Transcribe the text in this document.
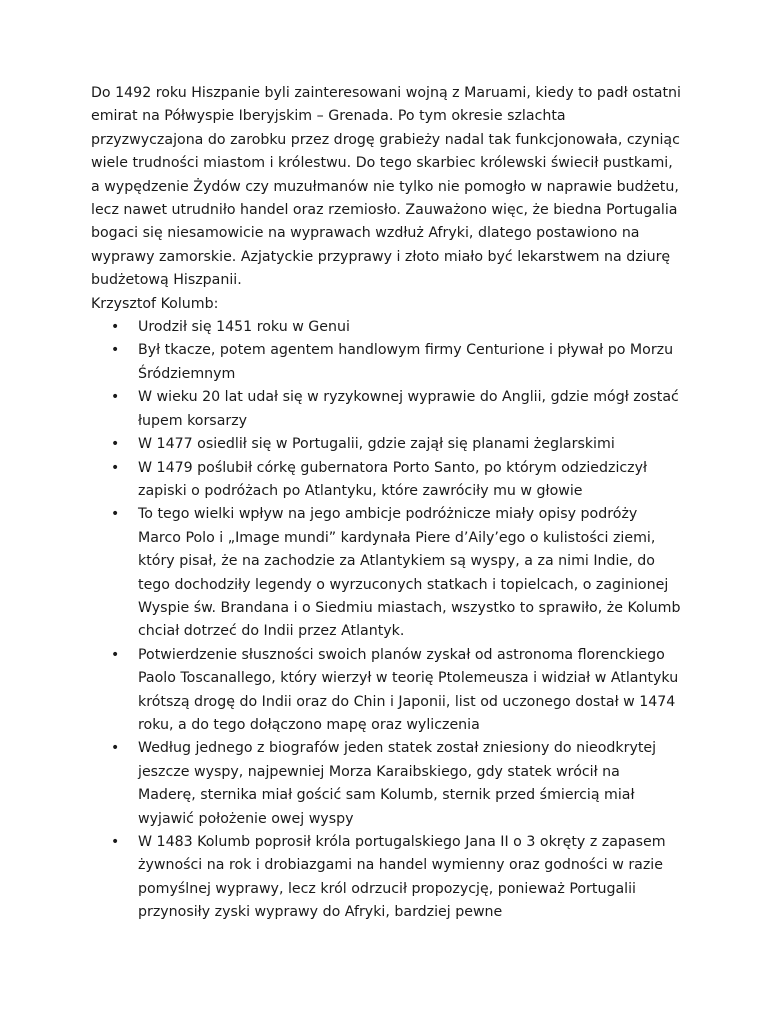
Do 1492 roku Hiszpanie byli zainteresowani wojną z Maruami, kiedy to padł ostatni emirat na Półwyspie Iberyjskim – Grenada. Po tym okresie szlachta przyzwyczajona do zarobku przez drogę grabieży nadal tak funkcjonowała, czyniąc wiele trudności miastom i królestwu. Do tego skarbiec królewski świecił pustkami, a wypędzenie Żydów czy muzułmanów nie tylko nie pomogło w naprawie budżetu, lecz nawet utrudniło handel oraz rzemiosło. Zauważono więc, że biedna Portugalia bogaci się niesamowicie na wyprawach wzdłuż Afryki, dlatego postawiono na wyprawy zamorskie. Azjatyckie przyprawy i złoto miało być lekarstwem na dziurę budżetową Hiszpanii.

Krzysztof Kolumb:

• Urodził się 1451 roku w Genui
• Był tkacze, potem agentem handlowym firmy Centurione i pływał po Morzu Śródziemnym
• W wieku 20 lat udał się w ryzykownej wyprawie do Anglii, gdzie mógł zostać łupem korsarzy
• W 1477 osiedlił się w Portugalii, gdzie zajął się planami żeglarskimi
• W 1479 poślubił córkę gubernatora Porto Santo, po którym odziedziczył zapiski o podróżach po Atlantyku, które zawróciły mu w głowie
• To tego wielki wpływ na jego ambicje podróżnicze miały opisy podróży Marco Polo i „Image mundi” kardynała Piere d’Aily’ego o kulistości ziemi, który pisał, że na zachodzie za Atlantykiem są wyspy, a za nimi Indie, do tego dochodziły legendy o wyrzuconych statkach i topielcach, o zaginionej Wyspie św. Brandana i o Siedmiu miastach, wszystko to sprawiło, że Kolumb chciał dotrzeć do Indii przez Atlantyk.
• Potwierdzenie słuszności swoich planów zyskał od astronoma florenckiego Paolo Toscanallego, który wierzył w teorię Ptolemeusza i widział w Atlantyku krótszą drogę do Indii oraz do Chin i Japonii, list od uczonego dostał w 1474 roku, a do tego dołączono mapę oraz wyliczenia
• Według jednego z biografów jeden statek został zniesiony do nieodkrytej jeszcze wyspy, najpewniej Morza Karaibskiego, gdy statek wrócił na Maderę, sternika miał gościć sam Kolumb, sternik przed śmiercią miał wyjawić położenie owej wyspy
• W 1483 Kolumb poprosił króla portugalskiego Jana II o 3 okręty z zapasem żywności na rok i drobiazgami na handel wymienny oraz godności w razie pomyślnej wyprawy, lecz król odrzucił propozycję, ponieważ Portugalii przynosiły zyski wyprawy do Afryki, bardziej pewne
